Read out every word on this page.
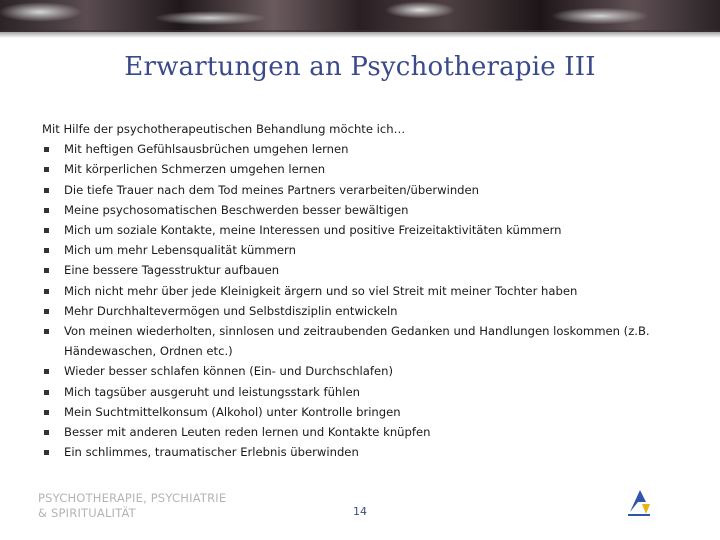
Erwartungen an Psychotherapie III
Mit Hilfe der psychotherapeutischen Behandlung möchte ich…
Mit heftigen Gefühlsausbrüchen umgehen lernen
Mit körperlichen Schmerzen umgehen lernen
Die tiefe Trauer nach dem Tod meines Partners verarbeiten/überwinden
Meine psychosomatischen Beschwerden besser bewältigen
Mich um soziale Kontakte, meine Interessen und positive Freizeitaktivitäten kümmern
Mich um mehr Lebensqualität kümmern
Eine bessere Tagesstruktur aufbauen
Mich nicht mehr über jede Kleinigkeit ärgern und so viel Streit mit meiner Tochter haben
Mehr Durchhaltevermögen und Selbstdisziplin entwickeln
Von meinen wiederholten, sinnlosen und zeitraubenden Gedanken und Handlungen loskommen (z.B. Händewaschen, Ordnen etc.)
Wieder besser schlafen können (Ein- und Durchschlafen)
Mich tagsüber ausgeruht und leistungsstark fühlen
Mein Suchtmittelkonsum (Alkohol) unter Kontrolle bringen
Besser mit anderen Leuten reden lernen und Kontakte knüpfen
Ein schlimmes, traumatischer Erlebnis überwinden
PSYCHOTHERAPIE, PSYCHIATRIE
& SPIRITUALITÄT	14
